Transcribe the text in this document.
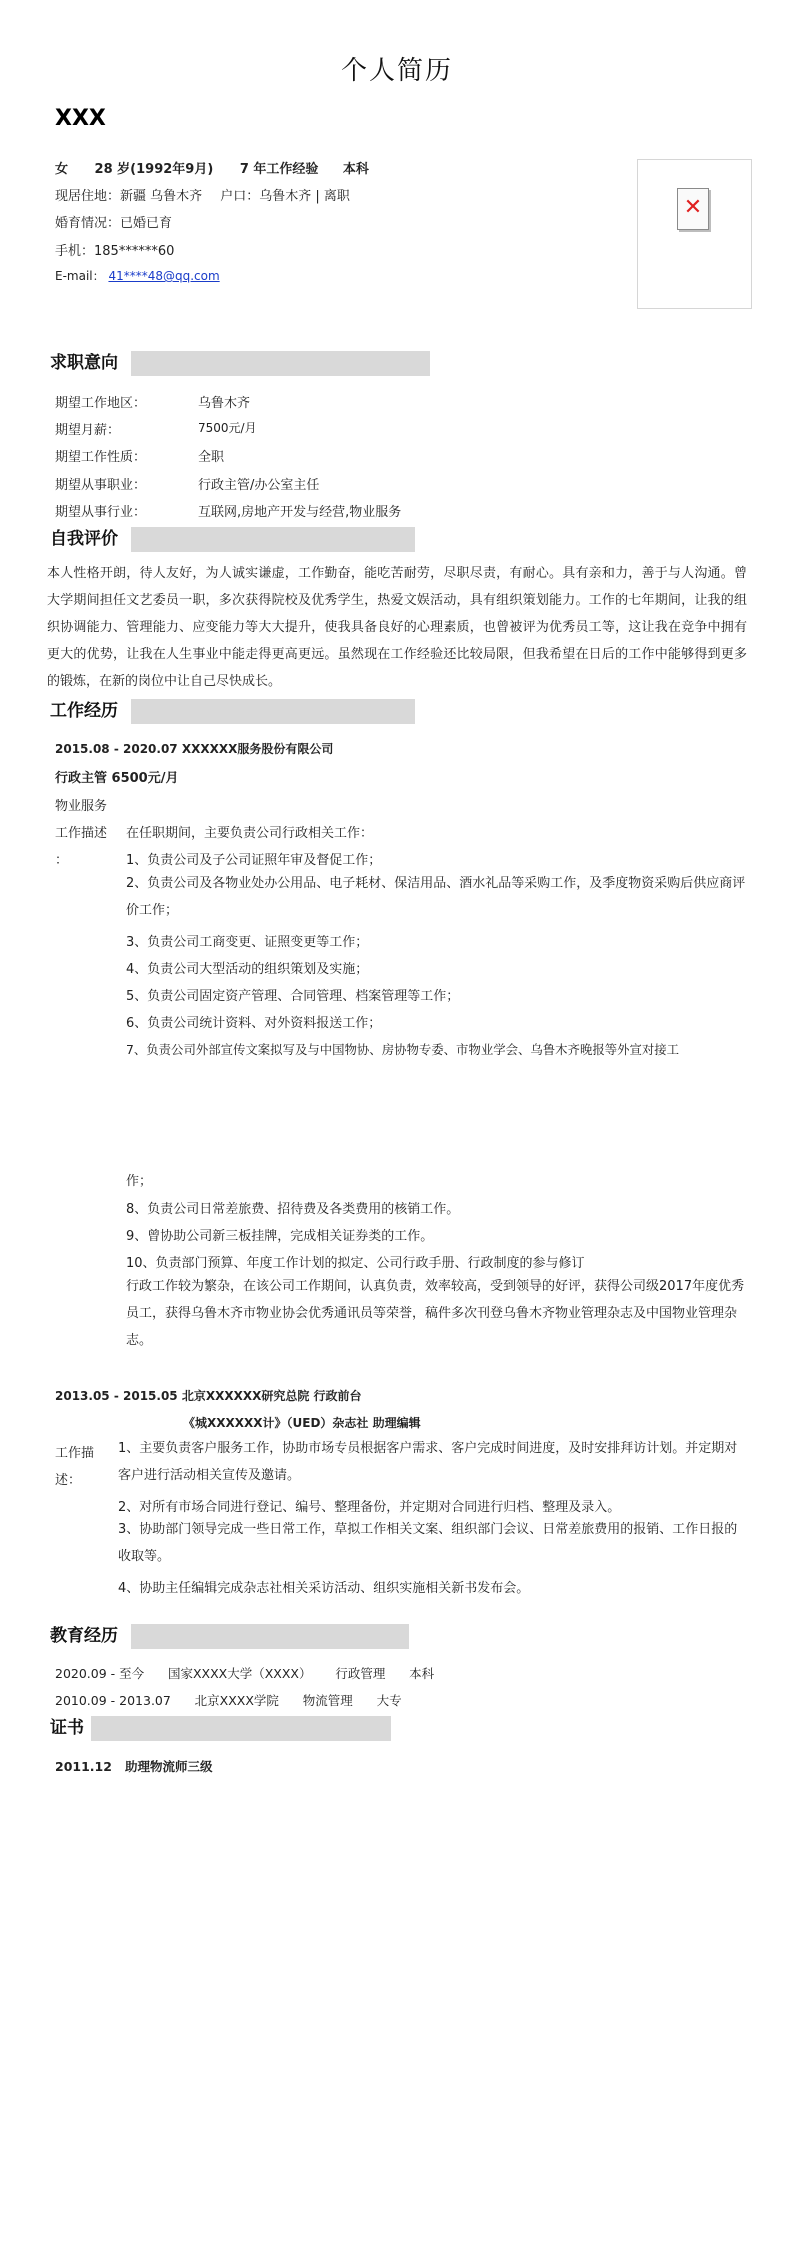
个人简历
XXX
女 28 岁(1992年9月) 7 年工作经验 本科
现居住地：新疆 乌鲁木齐 户口：乌鲁木齐 | 离职
婚育情况：已婚已育
手机：185******60
E-mail： 41****48@qq.com
✕
求职意向
期望工作地区：	乌鲁木齐
期望月薪：	7500元/月
期望工作性质：	全职
期望从事职业：	行政主管/办公室主任
期望从事行业：	互联网,房地产开发与经营,物业服务
自我评价
本人性格开朗，待人友好，为人诚实谦虚，工作勤奋，能吃苦耐劳，尽职尽责，有耐心。具有亲和力，善于与人沟通。曾大学期间担任文艺委员一职，多次获得院校及优秀学生，热爱文娱活动，具有组织策划能力。工作的七年期间，让我的组织协调能力、管理能力、应变能力等大大提升，使我具备良好的心理素质，也曾被评为优秀员工等，这让我在竞争中拥有更大的优势，让我在人生事业中能走得更高更远。虽然现在工作经验还比较局限，但我希望在日后的工作中能够得到更多的锻炼，在新的岗位中让自己尽快成长。
工作经历
2015.08 - 2020.07 XXXXXX服务股份有限公司
行政主管 6500元/月
物业服务
工作描述
：
在任职期间，主要负责公司行政相关工作：
1、负责公司及子公司证照年审及督促工作；
2、负责公司及各物业处办公用品、电子耗材、保洁用品、酒水礼品等采购工作，及季度物资采购后供应商评价工作；
3、负责公司工商变更、证照变更等工作；
4、负责公司大型活动的组织策划及实施；
5、负责公司固定资产管理、合同管理、档案管理等工作；
6、负责公司统计资料、对外资料报送工作；
7、负责公司外部宣传文案拟写及与中国物协、房协物专委、市物业学会、乌鲁木齐晚报等外宣对接工
作；
8、负责公司日常差旅费、招待费及各类费用的核销工作。
9、曾协助公司新三板挂牌，完成相关证券类的工作。
10、负责部门预算、年度工作计划的拟定、公司行政手册、行政制度的参与修订
行政工作较为繁杂，在该公司工作期间，认真负责，效率较高，受到领导的好评，获得公司级2017年度优秀员工，获得乌鲁木齐市物业协会优秀通讯员等荣誉，稿件多次刊登乌鲁木齐物业管理杂志及中国物业管理杂志。
2013.05 - 2015.05 北京XXXXXX研究总院 行政前台
《城XXXXXX计》（UED）杂志社 助理编辑
工作描
述：
1、主要负责客户服务工作，协助市场专员根据客户需求、客户完成时间进度，及时安排拜访计划。并定期对客户进行活动相关宣传及邀请。
2、对所有市场合同进行登记、编号、整理备份，并定期对合同进行归档、整理及录入。
3、协助部门领导完成一些日常工作，草拟工作相关文案、组织部门会议、日常差旅费用的报销、工作日报的收取等。
4、协助主任编辑完成杂志社相关采访活动、组织实施相关新书发布会。
教育经历
2020.09 - 至今      国家XXXX大学（XXXX）      行政管理      本科
2010.09 - 2013.07      北京XXXX学院      物流管理      大专
证书
2011.12   助理物流师三级
